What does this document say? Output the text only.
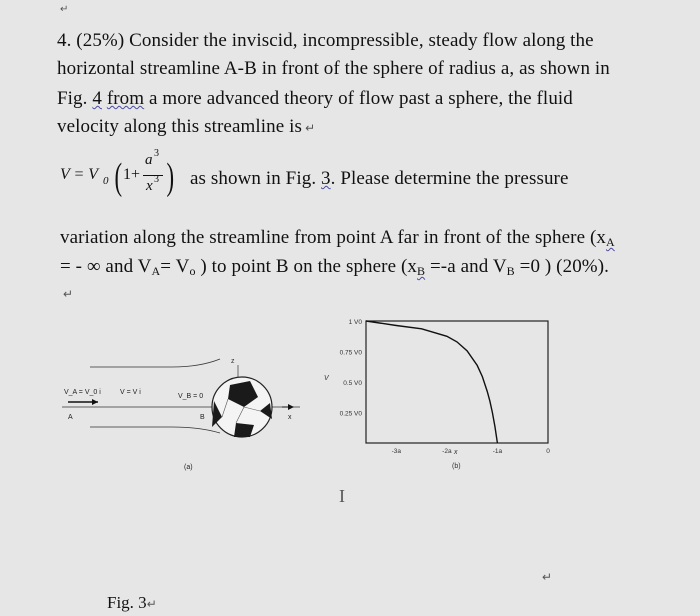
4. (25%) Consider the inviscid, incompressible, steady flow along the
horizontal streamline A-B in front of the sphere of radius a, as shown in
Fig. 4 from a more advanced theory of flow past a sphere, the fluid
velocity along this streamline is ↵
V = V 0 ( 1+
a 3
x 3 ) as shown in Fig. 3. Please determine the pressure
variation along the streamline from point A far in front of the sphere (xA
= - ∞ and VA= Vo ) to point B on the sphere (xB =-a and VB =0 ) (20%).
↵
z
V_A = V_0 i	V = V i
V_B = 0
A	B	x
(a)
1 V0
0.75 V0
0.5 V0
0.25 V0
-3a	-2a	-1a	0
V
x
(b)
I
↵
Fig. 3↵
↵
